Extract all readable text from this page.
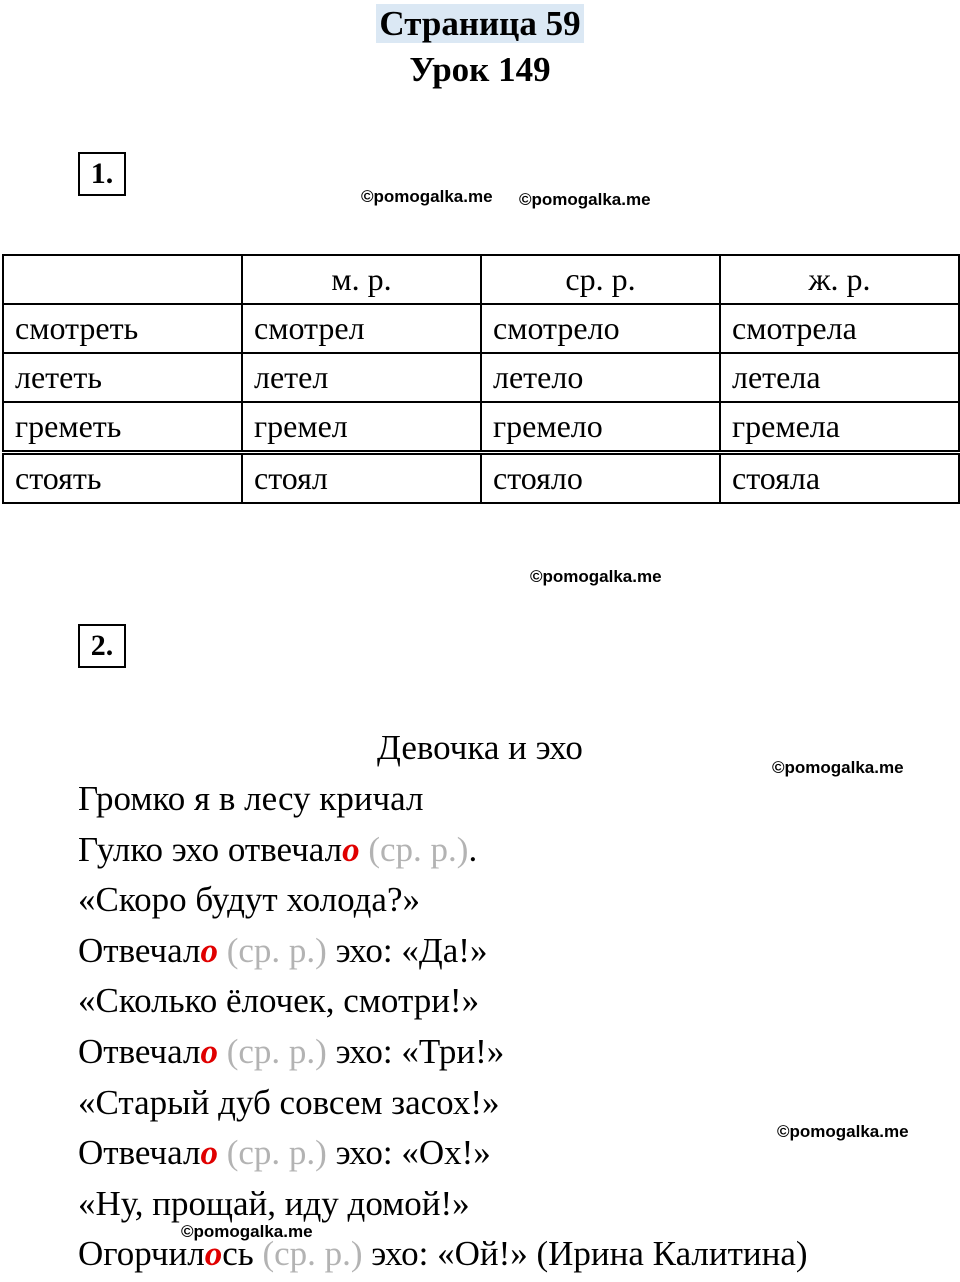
Страница 59
Урок 149
1.
©pomogalka.me ©pomogalka.me
	м. р.	ср. р.	ж. р.
смотреть	смотрел	смотрело	смотрела
лететь	летел	летело	летела
греметь	гремел	гремело	гремела
стоять	стоял	стояло	стояла
©pomogalka.me
2.
Девочка и эхо
©pomogalka.me
©pomogalka.me
Громко я в лесу кричал
Гулко эхо отвечало (ср. р.).
«Скоро будут холода?»
Отвечало (ср. р.) эхо: «Да!»
«Сколько ёлочек, смотри!»
Отвечало (ср. р.) эхо: «Три!»
«Старый дуб совсем засох!»
Отвечало (ср. р.) эхо: «Ох!»
«Ну, прощай, иду домой!»
Огорчилось (ср. р.) эхо: «Ой!» (Ирина Калитина)
©pomogalka.me
